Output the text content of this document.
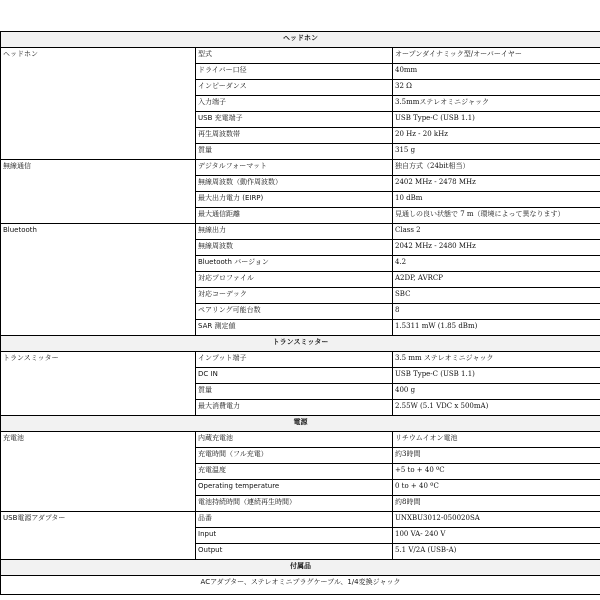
ヘッドホン		
ヘッドホン	型式	オープンダイナミック型/オーバーイヤー
	ドライバー口径	40mm
	インピーダンス	32 Ω
	入力端子	3.5mmステレオミニジャック
	USB 充電端子	USB Type-C (USB 1.1)
	再生周波数帯	20 Hz - 20 kHz
	質量	315 g
無線通信	デジタルフォーマット	独自方式（24bit相当）
	無線周波数（動作周波数）	2402 MHz - 2478 MHz
	最大出力電力 (EIRP)	10 dBm
	最大通信距離	見通しの良い状態で 7 m（環境によって異なります）
Bluetooth	無線出力	Class 2
	無線周波数	2042 MHz - 2480 MHz
	Bluetooth バージョン	4.2
	対応プロファイル	A2DP, AVRCP
	対応コーデック	SBC
	ペアリング可能台数	8
	SAR 測定値	1.5311 mW (1.85 dBm)
トランスミッター		
トランスミッター	インプット端子	3.5 mm ステレオミニジャック
	DC IN	USB Type-C (USB 1.1)
	質量	400 g
	最大消費電力	2.55W (5.1 VDC x 500mA)
電源		
充電池	内蔵充電池	リチウムイオン電池
	充電時間（フル充電）	約3時間
	充電温度	+5 to + 40 ºC
	Operating temperature	0 to + 40 ºC
	電池持続時間（連続再生時間）	約8時間
USB電源アダプター	品番	UNXBU3012-050020SA
	Input	100 VA- 240 V
	Output	5.1 V/2A (USB-A)
付属品		
ACアダプター、ステレオミニプラグケーブル、1/4変換ジャック		
